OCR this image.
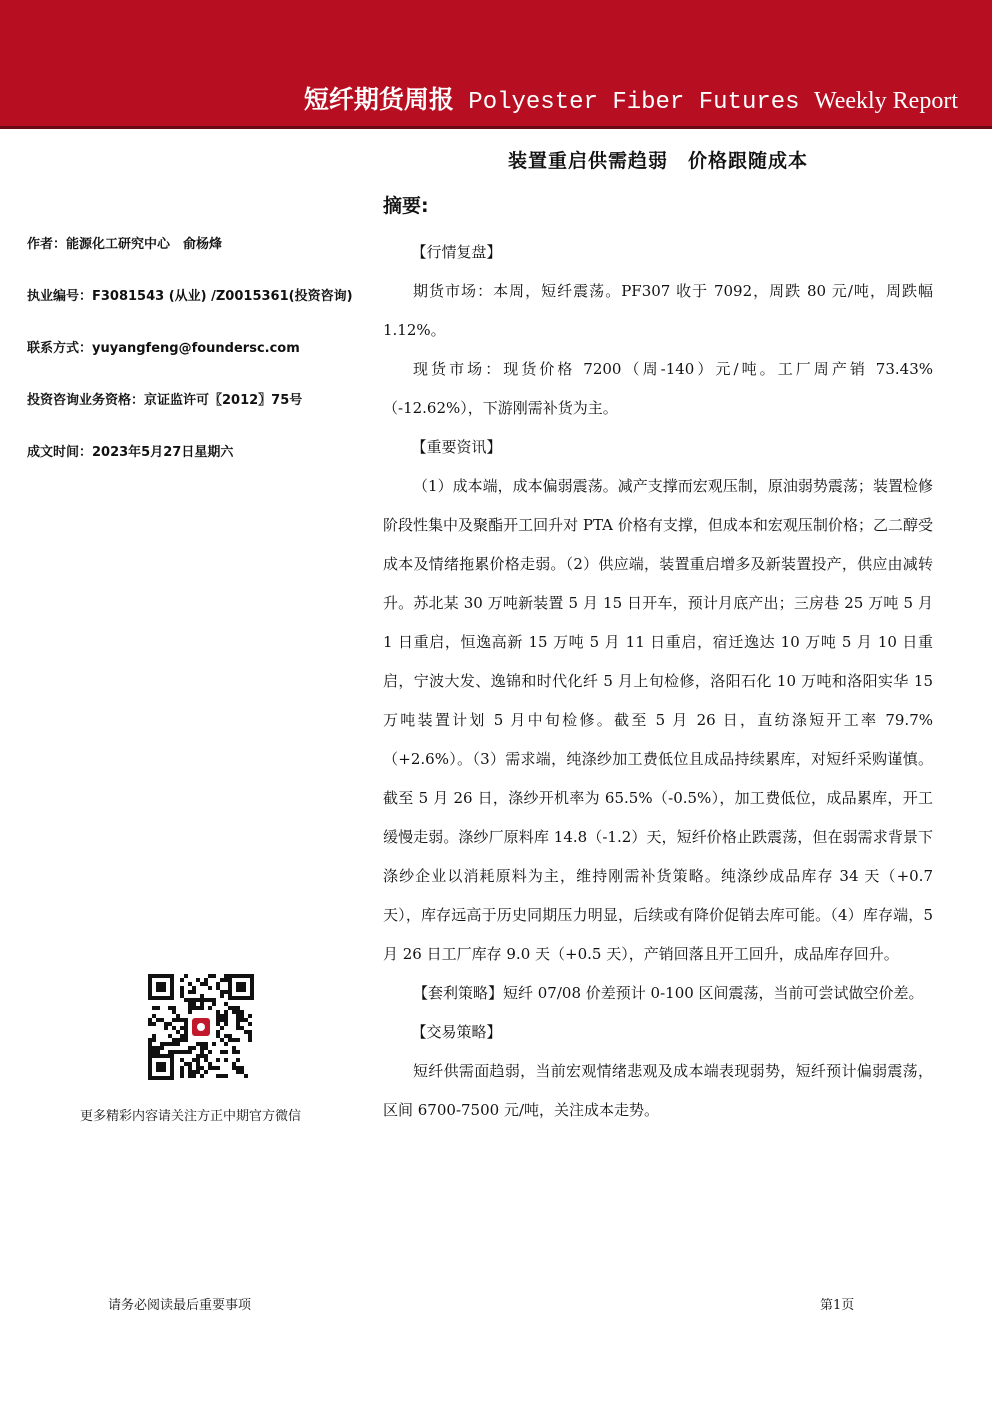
短纤期货周报 Polyester Fiber Futures Weekly Report
装置重启供需趋弱　价格跟随成本
摘要:
作者：能源化工研究中心　俞杨烽
执业编号：F3081543 (从业) /Z0015361(投资咨询)
联系方式：yuyangfeng@foundersc.com
投资咨询业务资格：京证监许可〖2012〗75号
成文时间：2023年5月27日星期六
更多精彩内容请关注方正中期官方微信

【行情复盘】

期货市场：本周，短纤震荡。PF307 收于 7092，周跌 80 元/吨，周跌幅 1.12%。

现货市场：现货价格 7200（周-140）元/吨。工厂周产销 73.43%（-12.62%），下游刚需补货为主。

【重要资讯】

（1）成本端，成本偏弱震荡。减产支撑而宏观压制，原油弱势震荡；装置检修阶段性集中及聚酯开工回升对 PTA 价格有支撑，但成本和宏观压制价格；乙二醇受成本及情绪拖累价格走弱。（2）供应端，装置重启增多及新装置投产，供应由减转升。苏北某 30 万吨新装置 5 月 15 日开车，预计月底产出；三房巷 25 万吨 5 月 1 日重启，恒逸高新 15 万吨 5 月 11 日重启，宿迁逸达 10 万吨 5 月 10 日重启，宁波大发、逸锦和时代化纤 5 月上旬检修，洛阳石化 10 万吨和洛阳实华 15 万吨装置计划 5 月中旬检修。截至 5 月 26 日，直纺涤短开工率 79.7%（+2.6%）。（3）需求端，纯涤纱加工费低位且成品持续累库，对短纤采购谨慎。截至 5 月 26 日，涤纱开机率为 65.5%（-0.5%），加工费低位，成品累库，开工缓慢走弱。涤纱厂原料库 14.8（-1.2）天，短纤价格止跌震荡，但在弱需求背景下涤纱企业以消耗原料为主，维持刚需补货策略。纯涤纱成品库存 34 天（+0.7 天），库存远高于历史同期压力明显，后续或有降价促销去库可能。（4）库存端，5 月 26 日工厂库存 9.0 天（+0.5 天），产销回落且开工回升，成品库存回升。

【套利策略】短纤 07/08 价差预计 0-100 区间震荡，当前可尝试做空价差。

【交易策略】

短纤供需面趋弱，当前宏观情绪悲观及成本端表现弱势，短纤预计偏弱震荡，区间 6700-7500 元/吨，关注成本走势。

请务必阅读最后重要事项	第1页
